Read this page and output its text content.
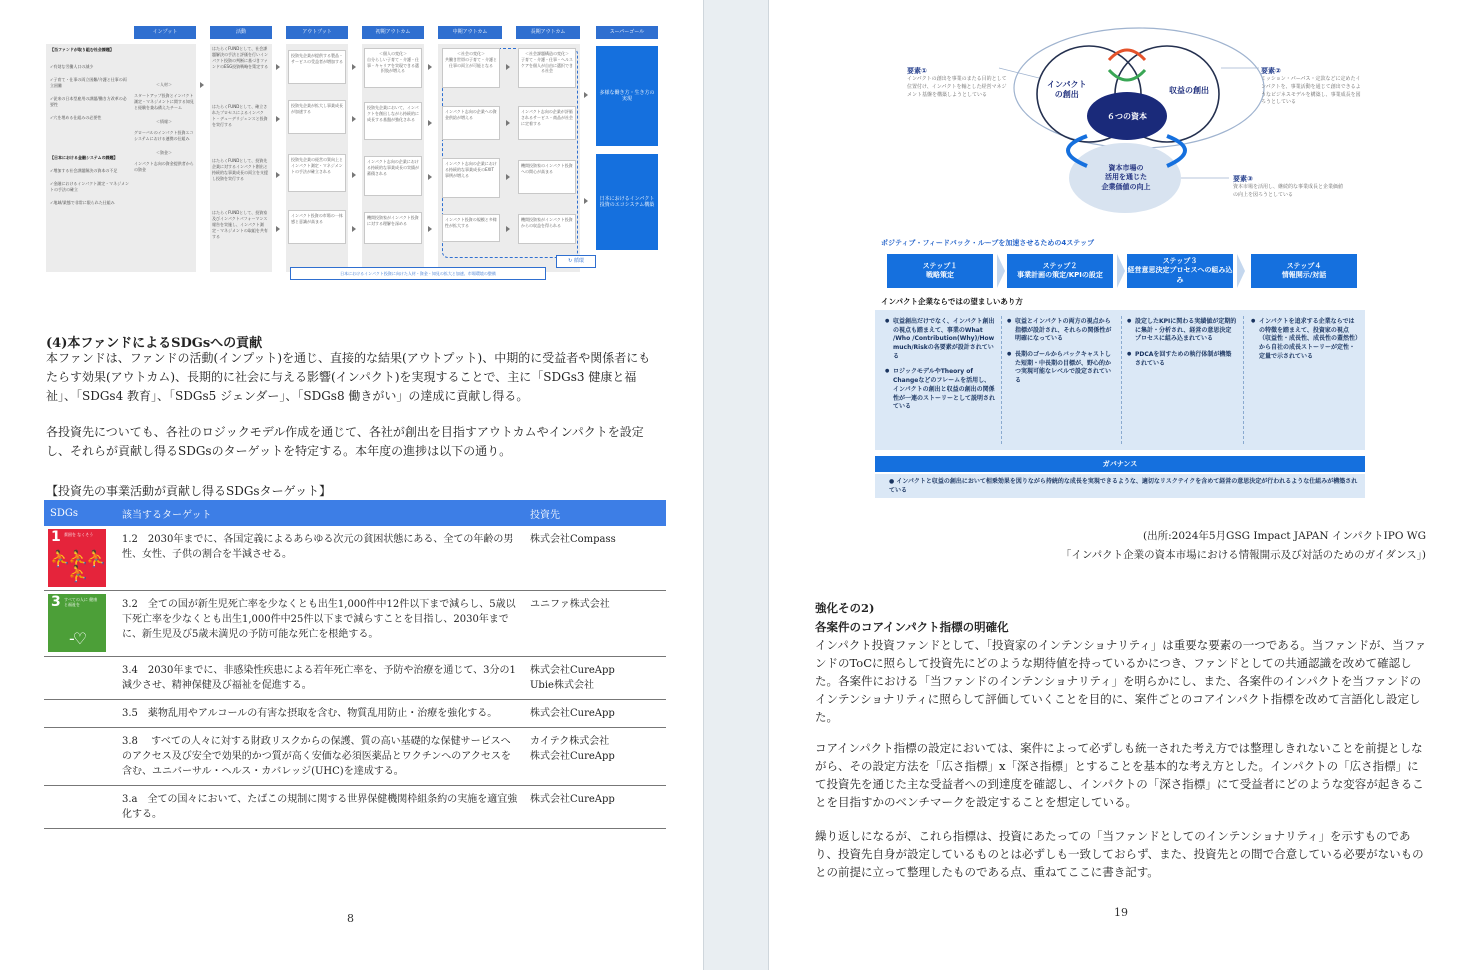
インプット	活動	アウトプット	初期アウトカム	中期アウトカム	長期アウトカム	スーパーゴール
【当ファンドが取り組む社会課題】
✓有効な労働人口の減少
✓子育て・仕事の両立困難/介護と仕事の両立困難
✓従来の日本型雇用の課題/働き方改革の必要性
✓穴を埋める仕組みの必要性
【日本における金融システムの課題】
✓増加する社会課題解決の資本の不足
✓金融におけるインパクト測定・マネジメントの手法の確立
✓地域/業態で非常に限られた仕組み
＜人材＞
スタートアップ投資とインパクト測定・マネジメントに関する知見と経験を兼ね備えたチーム
＜情報＞
グローバルのインパクト投資エコシステムにおける連携の仕組み
＜資金＞
インパクト志向の資金提供者からの資金
はたらくFUNDとして、社会課題解決の手法と評価を行いインパクト投資の判断に基づきファンドのESG投資戦略を策定する
はたらくFUNDとして、確立されたプロセスによるインパクト・デューデリジェンスと投資を実行する
はたらくFUNDとして、投資先企業に対するインパクト創出と持続的な事業成長の両立を支援し投資を実行する
はたらくFUNDとして、投資家及びインパクトパフォーマンス報告を実施し、インパクト測定・マネジメントの取組を共有する
投資先企業が提供する製品・サービスの受益者が増加する
投資先企業が拡大し事業成長が加速する
投資先企業の経営の質向上とインパクト測定・マネジメントの手法が確立される
インパクト投資の市場の一体感と意識が高まる
＜個人の変化＞
自分らしい子育て・介護・仕事・キャリアを実現できる選択肢が増える
投資先企業において、インパクトを創出しながら持続的に成長する基盤が強化される
インパクト志向の企業における持続的な事業成長の実績が蓄積される
機関投資家がインパクト投資に対する理解を深める
＜社会の変化＞
共働き世帯の子育て・介護と仕事の両立が可能となる
インパクト志向の企業への資金供給が増える
インパクト志向の企業における持続的な事業成長のEXIT事例が増える
インパクト投資の規模と多様性が拡大する
＜社会課題構造の変化＞
子育て・介護・仕事・ヘルスケアを個人が自由に選択できる社会
インパクト志向の企業が評価されるサービス・商品が社会に定着する
機関投資家のインパクト投資への関心が高まる
機関投資家がインパクト投資からの収益を得られる
多様な働き方・生き方の実現
日本におけるインパクト投資のエコシステム構築
↻ 循環
日本におけるインパクト投資に向けた人材・資金・知見の拡大と加速、市場環境の整備
(4)本ファンドによるSDGsへの貢献
本ファンドは、ファンドの活動(インプット)を通じ、直接的な結果(アウトプット)、中期的に受益者や関係者にもたらす効果(アウトカム)、長期的に社会に与える影響(インパクト)を実現することで、主に「SDGs3 健康と福祉」、「SDGs4 教育」、「SDGs5 ジェンダー」、「SDGs8 働きがい」の達成に貢献し得る。
各投資先についても、各社のロジックモデル作成を通じて、各社が創出を目指すアウトカムやインパクトを設定し、それらが貢献し得るSDGsのターゲットを特定する。本年度の進捗は以下の通り。
【投資先の事業活動が貢献し得るSDGsターゲット】
SDGs	該当するターゲット	投資先

1 貧困を なくそう
⛹⛹⛹⛹	1.2　2030年までに、各国定義によるあらゆる次元の貧困状態にある、全ての年齢の男性、女性、子供の割合を半減させる。	株式会社Compass

3 すべての人に 健康と福祉を
-♡	3.2　全ての国が新生児死亡率を少なくとも出生1,000件中12件以下まで減らし、5歳以下死亡率を少なくとも出生1,000件中25件以下まで減らすことを目指し、2030年までに、新生児及び5歳未満児の予防可能な死亡を根絶する。	ユニファ株式会社
	3.4　2030年までに、非感染性疾患による若年死亡率を、予防や治療を通じて、3分の1減少させ、精神保健及び福祉を促進する。	株式会社CureApp
Ubie株式会社
	3.5　薬物乱用やアルコールの有害な摂取を含む、物質乱用防止・治療を強化する。	株式会社CureApp
	3.8　 すべての人々に対する財政リスクからの保護、質の高い基礎的な保健サービスへのアクセス及び安全で効果的かつ質が高く安価な必須医薬品とワクチンへのアクセスを含む、ユニバーサル・ヘルス・カバレッジ(UHC)を達成する。	カイテク株式会社
株式会社CureApp
	3.a　全ての国々において、たばこの規制に関する世界保健機関枠組条約の実施を適宜強化する。	株式会社CureApp
8
インパクト
の創出	収益の創出
６つの資本
資本市場の
活用を通じた
企業価値の向上
要素①
インパクトの創出を事業のまたる目的として位置付け、インパクトを軸とした経営マネジメント基盤を構築しようとしている
要素②
ミッション・パーパス・定款などに定めたインパクトを、事業活動を通じて創出できるようなビジネスモデルを構築し、事業成長を図ろうとしている
要素③
資本市場を活用し、継続的な事業成長と企業価値の向上を図ろうとしている
ポジティブ・フィードバック・ループを加速させるための4ステップ
ステップ１
戦略策定
ステップ２
事業計画の策定/KPIの設定
ステップ３
経営意思決定プロセスへの組み込み
ステップ４
情報開示/対話
インパクト企業ならではの望ましいあり方
● 収益創出だけでなく、インパクト創出の視点も踏まえて、事業のWhat /Who /Contribution(Why)/How much/Riskの各要素が設計されている
● ロジックモデルやTheory of Changeなどのフレームを活用し、インパクトの創出と収益の創出の関係性が一連のストーリーとして説明されている
● 収益とインパクトの両方の視点から指標が設計され、それらの関係性が明確になっている
● 長期のゴールからバックキャストした短期・中長期の目標が、野心的かつ実現可能なレベルで設定されている
● 設定したKPIに関わる実績値が定期的に集計・分析され、経営の意思決定プロセスに組み込まれている
● PDCAを回すための執行体制が構築されている
● インパクトを追求する企業ならではの特徴を踏まえて、投資家の視点（収益性・成長性、成長性の蓋然性）から自社の成長ストーリーが定性・定量で示されている
ガバナンス
● インパクトと収益の創出において相乗効果を図りながら持続的な成長を実現できるような、適切なリスクテイクを含めて経営の意思決定が行われるような仕組みが構築されている
(出所:2024年5月GSG Impact JAPAN インパクトIPO WG
「インパクト企業の資本市場における情報開示及び対話のためのガイダンス」)
強化その2)
各案件のコアインパクト指標の明確化
インパクト投資ファンドとして、「投資家のインテンショナリティ」は重要な要素の一つである。当ファンドが、当ファンドのToCに照らして投資先にどのような期待値を持っているかにつき、ファンドとしての共通認識を改めて確認した。各案件における「当ファンドのインテンショナリティ」を明らかにし、また、各案件のインパクトを当ファンドのインテンショナリティに照らして評価していくことを目的に、案件ごとのコアインパクト指標を改めて言語化し設定した。
コアインパクト指標の設定においては、案件によって必ずしも統一された考え方では整理しきれないことを前提としながら、その設定方法を「広さ指標」x「深さ指標」とすることを基本的な考え方とした。インパクトの「広さ指標」にて投資先を通じた主な受益者への到達度を確認し、インパクトの「深さ指標」にて受益者にどのような変容が起きることを目指すかのベンチマークを設定することを想定している。
繰り返しになるが、これら指標は、投資にあたっての「当ファンドとしてのインテンショナリティ」を示すものであり、投資先自身が設定しているものとは必ずしも一致しておらず、また、投資先との間で合意している必要がないものとの前提に立って整理したものである点、重ねてここに書き記す。
19
